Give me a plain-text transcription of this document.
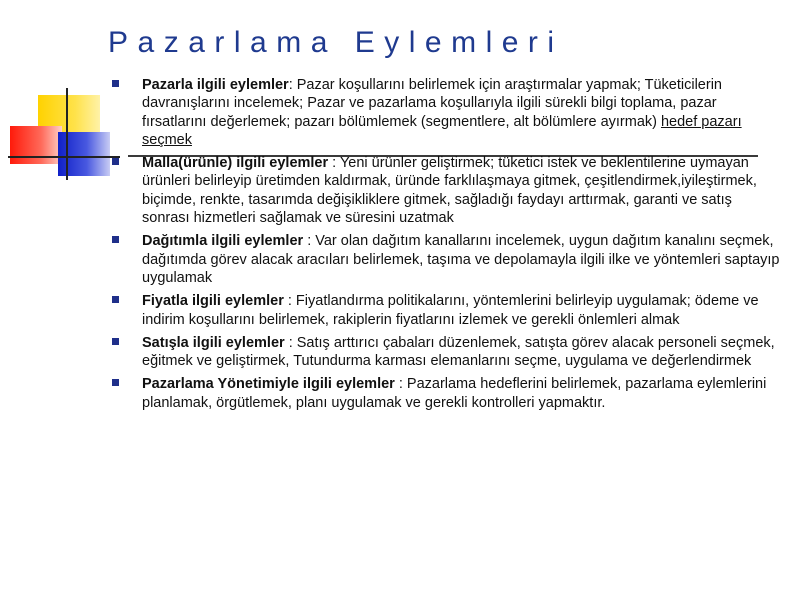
Pazarlama Eylemleri
Pazarla ilgili eylemler: Pazar koşullarını belirlemek için araştırmalar yapmak; Tüketicilerin davranışlarını incelemek; Pazar ve pazarlama koşullarıyla ilgili sürekli bilgi toplama, pazar fırsatlarını değerlemek; pazarı bölümlemek (segmentlere, alt bölümlere ayırmak) hedef pazarı seçmek
Malla(ürünle) ilgili eylemler : Yeni ürünler geliştirmek; tüketici istek ve beklentilerine uymayan ürünleri belirleyip üretimden kaldırmak, üründe farklılaşmaya gitmek, çeşitlendirmek,iyileştirmek, biçimde, renkte, tasarımda değişikliklere gitmek, sağladığı faydayı arttırmak, garanti ve satış sonrası hizmetleri sağlamak ve süresini uzatmak
Dağıtımla ilgili eylemler : Var olan dağıtım kanallarını incelemek, uygun dağıtım kanalını seçmek, dağıtımda görev alacak aracıları belirlemek, taşıma ve depolamayla ilgili ilke ve yöntemleri saptayıp uygulamak
Fiyatla ilgili eylemler : Fiyatlandırma politikalarını, yöntemlerini belirleyip uygulamak; ödeme ve indirim koşullarını belirlemek, rakiplerin fiyatlarını izlemek ve gerekli önlemleri almak
Satışla ilgili eylemler : Satış arttırıcı çabaları düzenlemek, satışta görev alacak personeli seçmek, eğitmek ve geliştirmek, Tutundurma karması elemanlarını seçme, uygulama ve değerlendirmek
Pazarlama Yönetimiyle ilgili eylemler : Pazarlama hedeflerini belirlemek, pazarlama eylemlerini planlamak, örgütlemek, planı uygulamak ve gerekli kontrolleri yapmaktır.
